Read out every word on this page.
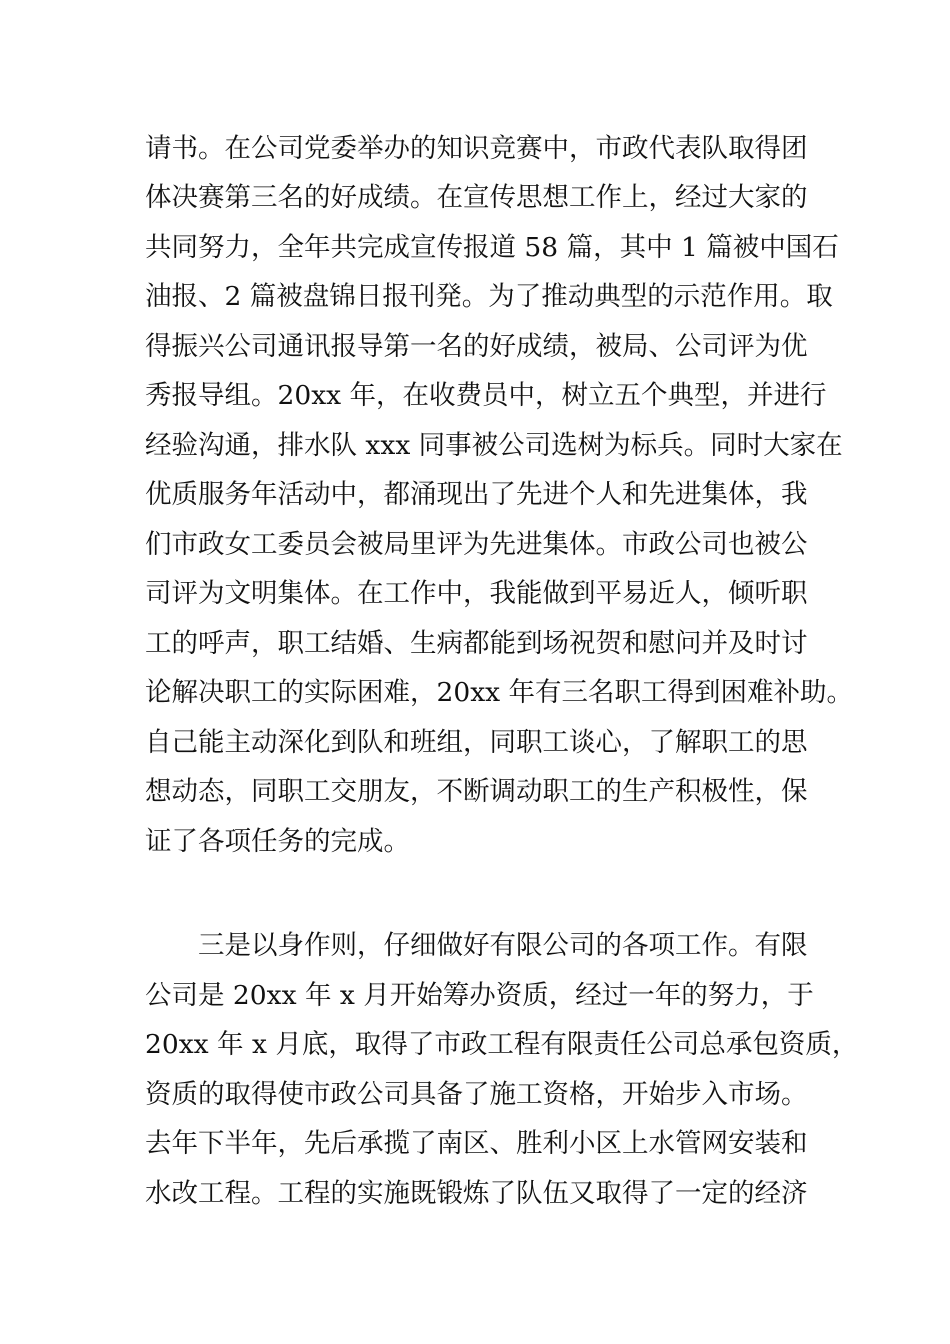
请书。在公司党委举办的知识竞赛中，市政代表队取得团
体决赛第三名的好成绩。在宣传思想工作上，经过大家的
共同努力，全年共完成宣传报道 58 篇，其中 1 篇被中国石
油报、2 篇被盘锦日报刊発。为了推动典型的示范作用。取
得振兴公司通讯报导第一名的好成绩，被局、公司评为优
秀报导组。20xx 年，在收费员中，树立五个典型，并进行
经验沟通，排水队 xxx 同事被公司选树为标兵。同时大家在
优质服务年活动中，都涌现出了先进个人和先进集体，我
们市政女工委员会被局里评为先进集体。市政公司也被公
司评为文明集体。在工作中，我能做到平易近人，倾听职
工的呼声，职工结婚、生病都能到场祝贺和慰问并及时讨
论解决职工的实际困难，20xx 年有三名职工得到困难补助。
自己能主动深化到队和班组，同职工谈心，了解职工的思
想动态，同职工交朋友，不断调动职工的生产积极性，保
证了各项任务的完成。
三是以身作则，仔细做好有限公司的各项工作。有限
公司是 20xx 年 x 月开始筹办资质，经过一年的努力，于
20xx 年 x 月底，取得了市政工程有限责任公司总承包资质，
资质的取得使市政公司具备了施工资格，开始步入市场。
去年下半年，先后承揽了南区、胜利小区上水管网安装和
水改工程。工程的实施既锻炼了队伍又取得了一定的经济
